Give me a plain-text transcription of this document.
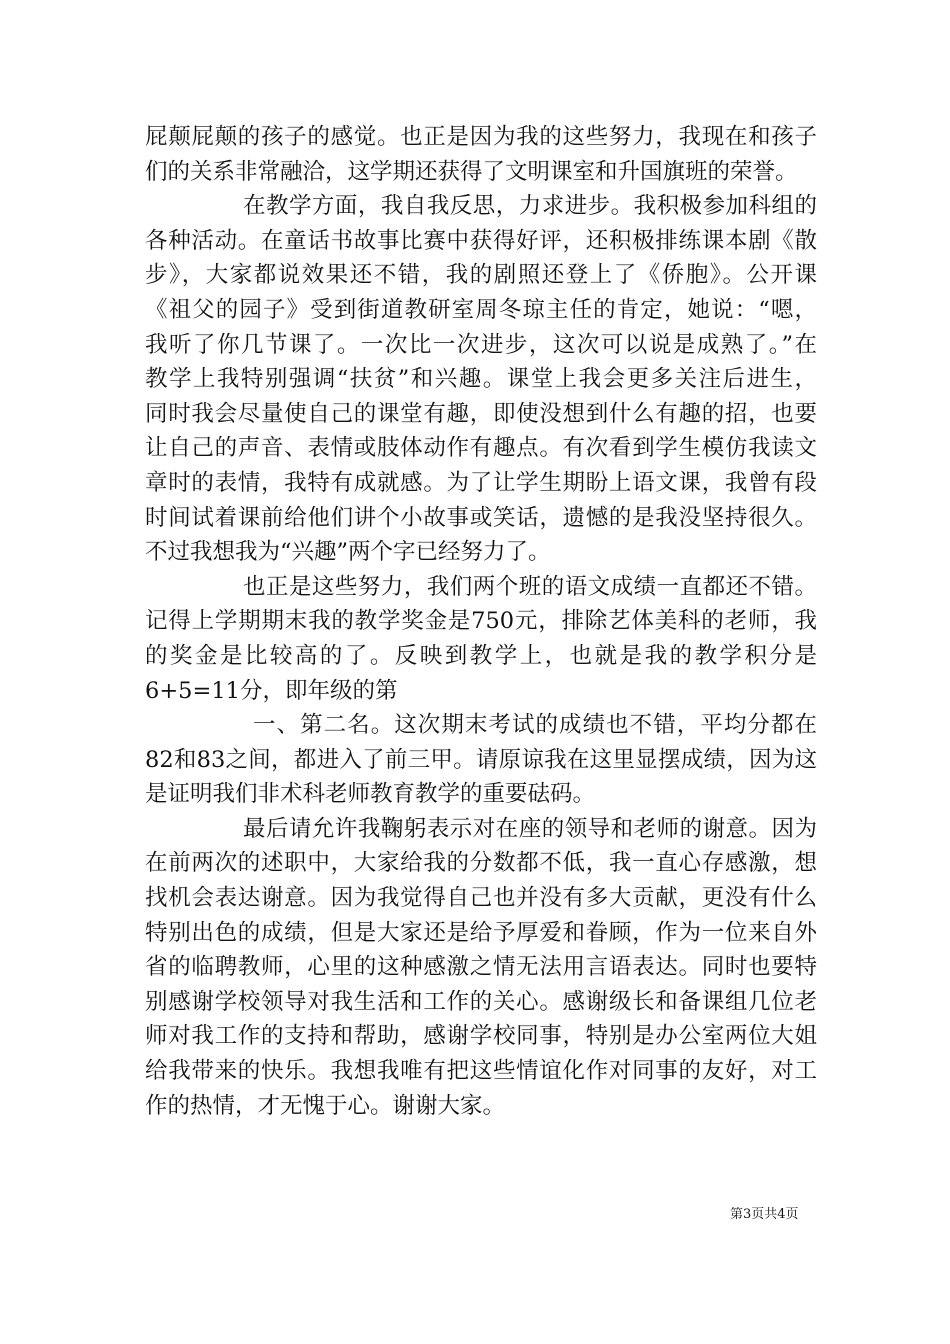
屁颠屁颠的孩子的感觉。也正是因为我的这些努力，我现在和孩子
们的关系非常融洽，这学期还获得了文明课室和升国旗班的荣誉。
在教学方面，我自我反思，力求进步。我积极参加科组的
各种活动。在童话书故事比赛中获得好评，还积极排练课本剧《散
步》，大家都说效果还不错，我的剧照还登上了《侨胞》。公开课
《祖父的园子》受到街道教研室周冬琼主任的肯定，她说：“嗯，
我听了你几节课了。一次比一次进步，这次可以说是成熟了。”在
教学上我特别强调“扶贫”和兴趣。课堂上我会更多关注后进生，
同时我会尽量使自己的课堂有趣，即使没想到什么有趣的招，也要
让自己的声音、表情或肢体动作有趣点。有次看到学生模仿我读文
章时的表情，我特有成就感。为了让学生期盼上语文课，我曾有段
时间试着课前给他们讲个小故事或笑话，遗憾的是我没坚持很久。
不过我想我为“兴趣”两个字已经努力了。
也正是这些努力，我们两个班的语文成绩一直都还不错。
记得上学期期末我的教学奖金是750元，排除艺体美科的老师，我
的奖金是比较高的了。反映到教学上，也就是我的教学积分是
6+5=11分，即年级的第
一、第二名。这次期末考试的成绩也不错，平均分都在
82和83之间，都进入了前三甲。请原谅我在这里显摆成绩，因为这
是证明我们非术科老师教育教学的重要砝码。
最后请允许我鞠躬表示对在座的领导和老师的谢意。因为
在前两次的述职中，大家给我的分数都不低，我一直心存感激，想
找机会表达谢意。因为我觉得自己也并没有多大贡献，更没有什么
特别出色的成绩，但是大家还是给予厚爱和眷顾，作为一位来自外
省的临聘教师，心里的这种感激之情无法用言语表达。同时也要特
别感谢学校领导对我生活和工作的关心。感谢级长和备课组几位老
师对我工作的支持和帮助，感谢学校同事，特别是办公室两位大姐
给我带来的快乐。我想我唯有把这些情谊化作对同事的友好，对工
作的热情，才无愧于心。谢谢大家。
第3页共4页
